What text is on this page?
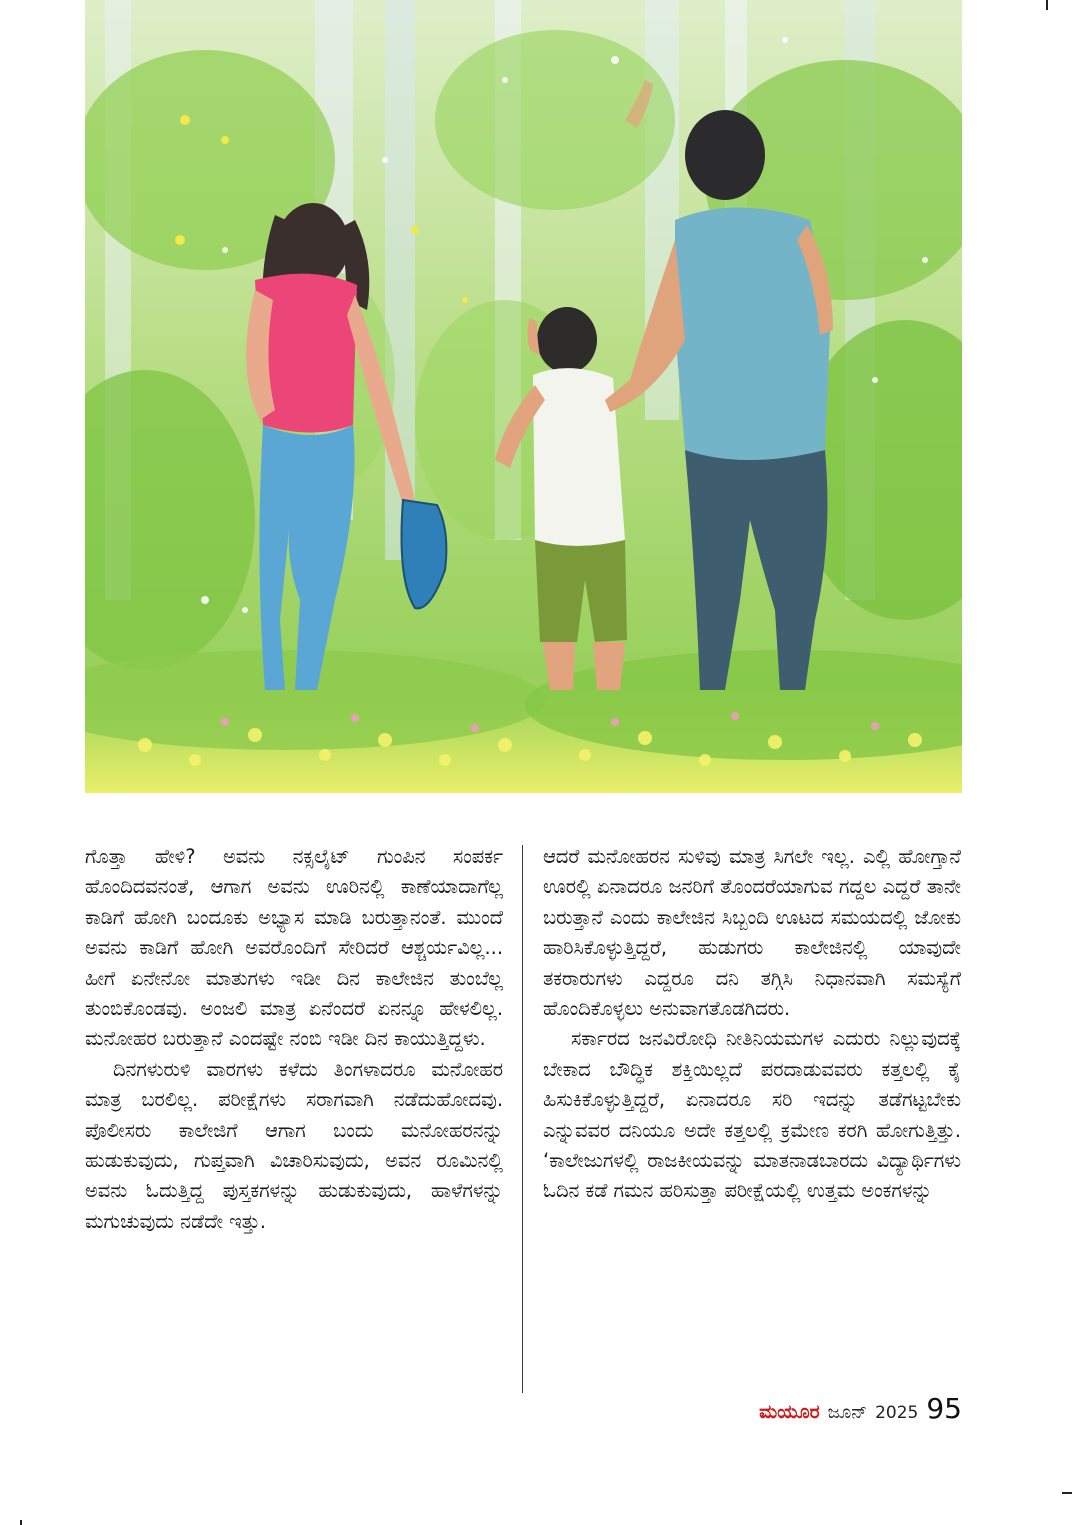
ಗೊತ್ತಾ ಹೇಳಿ? ಅವನು ನಕ್ಸಲೈಟ್ ಗುಂಪಿನ ಸಂಪರ್ಕ ಹೊಂದಿದವನಂತೆ, ಆಗಾಗ ಅವನು ಊರಿನಲ್ಲಿ ಕಾಣೆಯಾದಾಗೆಲ್ಲ ಕಾಡಿಗೆ ಹೋಗಿ ಬಂದೂಕು ಅಭ್ಯಾಸ ಮಾಡಿ ಬರುತ್ತಾನಂತೆ. ಮುಂದೆ ಅವನು ಕಾಡಿಗೆ ಹೋಗಿ ಅವರೊಂದಿಗೆ ಸೇರಿದರೆ ಆಶ್ಚರ್ಯವಿಲ್ಲ... ಹೀಗೆ ಏನೇನೋ ಮಾತುಗಳು ಇಡೀ ದಿನ ಕಾಲೇಜಿನ ತುಂಬೆಲ್ಲ ತುಂಬಿಕೊಂಡವು. ಅಂಜಲಿ ಮಾತ್ರ ಏನೆಂದರೆ ಏನನ್ನೂ ಹೇಳಲಿಲ್ಲ. ಮನೋಹರ ಬರುತ್ತಾನೆ ಎಂದಷ್ಟೇ ನಂಬಿ ಇಡೀ ದಿನ ಕಾಯುತ್ತಿದ್ದಳು.

ದಿನಗಳುರುಳಿ ವಾರಗಳು ಕಳೆದು ತಿಂಗಳಾದರೂ ಮನೋಹರ ಮಾತ್ರ ಬರಲಿಲ್ಲ. ಪರೀಕ್ಷೆಗಳು ಸರಾಗವಾಗಿ ನಡೆದುಹೋದವು. ಪೊಲೀಸರು ಕಾಲೇಜಿಗೆ ಆಗಾಗ ಬಂದು ಮನೋಹರನನ್ನು ಹುಡುಕುವುದು, ಗುಪ್ತವಾಗಿ ವಿಚಾರಿಸುವುದು, ಅವನ ರೂಮಿನಲ್ಲಿ ಅವನು ಓದುತ್ತಿದ್ದ ಪುಸ್ತಕಗಳನ್ನು ಹುಡುಕುವುದು, ಹಾಳೆಗಳನ್ನು ಮಗುಚುವುದು ನಡೆದೇ ಇತ್ತು.

ಆದರೆ ಮನೋಹರನ ಸುಳಿವು ಮಾತ್ರ ಸಿಗಲೇ ಇಲ್ಲ. ಎಲ್ಲಿ ಹೋಗ್ತಾನೆ ಊರಲ್ಲಿ ಏನಾದರೂ ಜನರಿಗೆ ತೊಂದರೆಯಾಗುವ ಗದ್ದಲ ಎದ್ದರೆ ತಾನೇ ಬರುತ್ತಾನೆ ಎಂದು ಕಾಲೇಜಿನ ಸಿಬ್ಬಂದಿ ಊಟದ ಸಮಯದಲ್ಲಿ ಜೋಕು ಹಾರಿಸಿಕೊಳ್ಳುತ್ತಿದ್ದರೆ, ಹುಡುಗರು ಕಾಲೇಜಿನಲ್ಲಿ ಯಾವುದೇ ತಕರಾರುಗಳು ಎದ್ದರೂ ದನಿ ತಗ್ಗಿಸಿ ನಿಧಾನವಾಗಿ ಸಮಸ್ಯೆಗೆ ಹೊಂದಿಕೊಳ್ಳಲು ಅನುವಾಗತೊಡಗಿದರು.

ಸರ್ಕಾರದ ಜನವಿರೋಧಿ ನೀತಿನಿಯಮಗಳ ಎದುರು ನಿಲ್ಲುವುದಕ್ಕೆ ಬೇಕಾದ ಬೌದ್ಧಿಕ ಶಕ್ತಿಯಿಲ್ಲದೆ ಪರದಾಡುವವರು ಕತ್ತಲಲ್ಲಿ ಕೈ ಹಿಸುಕಿಕೊಳ್ಳುತ್ತಿದ್ದರೆ, ಏನಾದರೂ ಸರಿ ಇದನ್ನು ತಡೆಗಟ್ಟಬೇಕು ಎನ್ನುವವರ ದನಿಯೂ ಅದೇ ಕತ್ತಲಲ್ಲಿ ಕ್ರಮೇಣ ಕರಗಿ ಹೋಗುತ್ತಿತ್ತು. ‘ಕಾಲೇಜುಗಳಲ್ಲಿ ರಾಜಕೀಯವನ್ನು ಮಾತನಾಡಬಾರದು ವಿದ್ಯಾರ್ಥಿಗಳು ಓದಿನ ಕಡೆ ಗಮನ ಹರಿಸುತ್ತಾ ಪರೀಕ್ಷೆಯಲ್ಲಿ ಉತ್ತಮ ಅಂಕಗಳನ್ನು

ಮಯೂರ ಜೂನ್ 2025 95
